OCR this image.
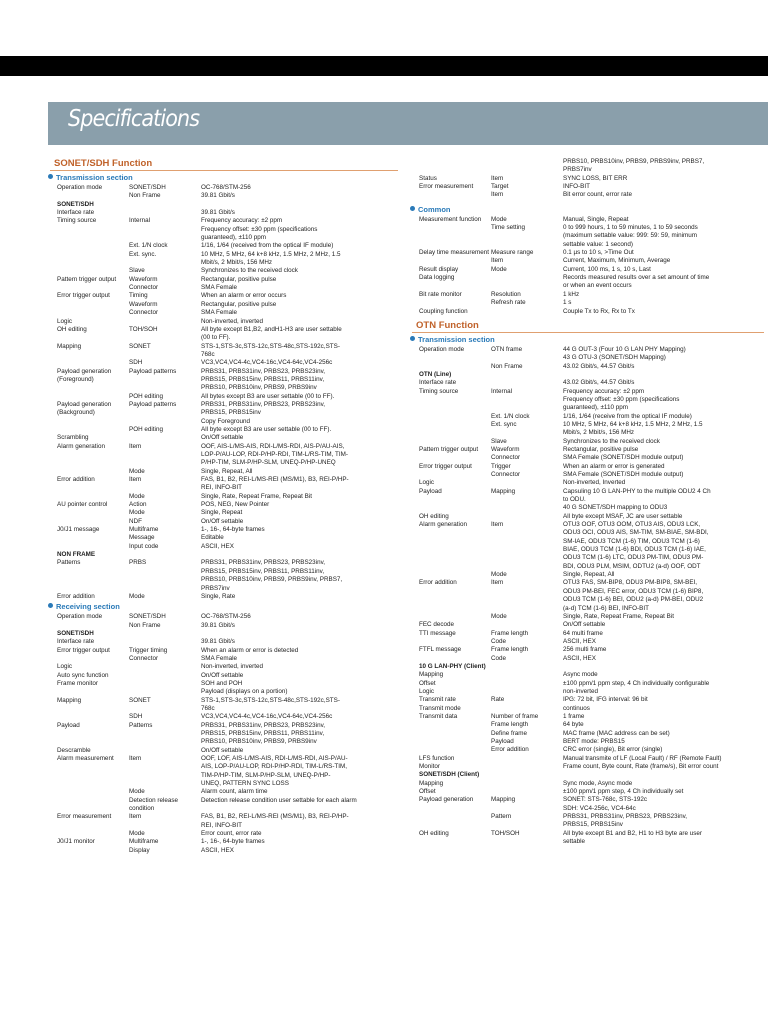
Specifications
SONET/SDH Function
Transmission section
Operation mode	SONET/SDH	OC-768/STM-256
Non Frame	39.81 Gbit/s
SONET/SDH
Interface rate	39.81 Gbit/s
Timing source	Internal	Frequency accuracy: ±2 ppm
Frequency offset: ±30 ppm (specifications
guaranteed), ±110 ppm
Ext. 1/N clock	1/16, 1/64 (received from the optical IF module)
Ext. sync.	10 MHz, 5 MHz, 64 k+8 kHz, 1.5 MHz, 2 MHz, 1.5
Mbit/s, 2 Mbit/s, 156 MHz
Slave	Synchronizes to the received clock
Pattern trigger output	Waveform	Rectangular, positive pulse
Connector	SMA Female
Error trigger output	Timing	When an alarm or error occurs
Waveform	Rectangular, positive pulse
Connector	SMA Female
Logic	Non-inverted, inverted
OH editing	TOH/SOH	All byte except B1,B2, andH1-H3 are user settable
(00 to FF).
Mapping	SONET	STS-1,STS-3c,STS-12c,STS-48c,STS-192c,STS-
768c
SDH	VC3,VC4,VC4-4c,VC4-16c,VC4-64c,VC4-256c
Payload generation	Payload patterns	PRBS31, PRBS31inv, PRBS23, PRBS23inv,
(Foreground)	PRBS15, PRBS15inv, PRBS11, PRBS11inv,
PRBS10, PRBS10inv, PRBS9, PRBS9inv
POH editing	All bytes except B3 are user settable (00 to FF).
Payload generation	Payload patterns	PRBS31, PRBS31inv, PRBS23, PRBS23inv,
(Background)	PRBS15, PRBS15inv
Copy Foreground
POH editing	All byte except B3 are user settable (00 to FF).
Scrambling	On/Off settable
Alarm generation	Item	OOF, AIS-L/MS-AIS, RDI-L/MS-RDI, AIS-P/AU-AIS,
LOP-P/AU-LOP, RDI-P/HP-RDI, TIM-L/RS-TIM, TIM-
P/HP-TIM, SLM-P/HP-SLM, UNEQ-P/HP-UNEQ
Mode	Single, Repeat, All
Error addition	Item	FAS, B1, B2, REI-L/MS-REI (MS/M1), B3, REI-P/HP-
REI, INFO-BIT
Mode	Single, Rate, Repeat Frame, Repeat Bit
AU pointer control	Action	POS, NEG, New Pointer
Mode	Single, Repeat
NDF	On/Off settable
J0/J1 message	Multiframe	1-, 16-, 64-byte frames
Message	Editable
Input code	ASCII, HEX
NON FRAME
Patterns	PRBS	PRBS31, PRBS31inv, PRBS23, PRBS23inv,
PRBS15, PRBS15inv, PRBS11, PRBS11inv,
PRBS10, PRBS10inv, PRBS9, PRBS9inv, PRBS7,
PRBS7inv
Error addition	Mode	Single, Rate
Receiving section
Operation mode	SONET/SDH	OC-768/STM-256
Non Frame	39.81 Gbit/s
SONET/SDH
Interface rate	39.81 Gbit/s
Error trigger output	Trigger timing	When an alarm or error is detected
Connector	SMA Female
Logic	Non-inverted, inverted
Auto sync function	On/Off settable
Frame monitor	SOH and POH
Payload (displays on a portion)
Mapping	SONET	STS-1,STS-3c,STS-12c,STS-48c,STS-192c,STS-
768c
SDH	VC3,VC4,VC4-4c,VC4-16c,VC4-64c,VC4-256c
Payload	Patterns	PRBS31, PRBS31inv, PRBS23, PRBS23inv,
PRBS15, PRBS15inv, PRBS11, PRBS11inv,
PRBS10, PRBS10inv, PRBS9, PRBS9inv
Descramble	On/Off settable
Alarm measurement	Item	OOF, LOF, AIS-L/MS-AIS, RDI-L/MS-RDI, AIS-P/AU-
AIS, LOP-P/AU-LOP, RDI-P/HP-RDI, TIM-L/RS-TIM,
TIM-P/HP-TIM, SLM-P/HP-SLM, UNEQ-P/HP-
UNEQ, PATTERN SYNC LOSS
Mode	Alarm count, alarm time
Detection release condition
Detection release condition user settable for each alarm
Error measurement	Item	FAS, B1, B2, REI-L/MS-REI (MS/M1), B3, REI-P/HP-
REI, INFO-BIT
Mode	Error count, error rate
J0/J1 monitor	Multiframe	1-, 16-, 64-byte frames
Display	ASCII, HEX
PRBS10, PRBS10inv, PRBS9, PRBS9inv, PRBS7,
PRBS7inv
Status	Item	SYNC LOSS, BIT ERR
Error measurement	Target	INFO-BIT
Item	Bit error count, error rate
Common
Measurement function	Mode	Manual, Single, Repeat
Time setting	0 to 999 hours, 1 to 59 minutes, 1 to 59 seconds
(maximum settable value: 999: 59: 59, minimum
settable value: 1 second)
Delay time measurement Measure range	0.1 µs to 10 s, >Time Out
Item	Current, Maximum, Minimum, Average
Result display	Mode	Current, 100 ms, 1 s, 10 s, Last
Data logging	Records measured results over a set amount of time
or when an event occurs
Bit rate monitor	Resolution	1 kHz
Refresh rate	1 s
Coupling function	Couple Tx to Rx, Rx to Tx
OTN Function
Transmission section
Operation mode	OTN frame	44 G OUT-3 (Four 10 G LAN PHY Mapping)
43 G OTU-3 (SONET/SDH Mapping)
Non Frame	43.02 Gbit/s, 44.57 Gbit/s
OTN (Line)
Interface rate	43.02 Gbit/s, 44.57 Gbit/s
Timing source	Internal	Frequency accuracy: ±2 ppm
Frequency offset: ±30 ppm (specifications
guaranteed), ±110 ppm
Ext. 1/N clock	1/16, 1/64 (receive from the optical IF module)
Ext. sync	10 MHz, 5 MHz, 64 k+8 kHz, 1.5 MHz, 2 MHz, 1.5
Mbit/s, 2 Mbit/s, 156 MHz
Slave	Synchronizes to the received clock
Pattern trigger output	Waveform	Rectangular, positive pulse
Connector	SMA Female (SONET/SDH module output)
Error trigger output	Trigger	When an alarm or error is generated
Connector	SMA Female (SONET/SDH module output)
Logic	Non-inverted, Inverted
Payload	Mapping	Capsuling 10 G LAN-PHY to the multiple ODU2 4 Ch
to ODU.
40 G SONET/SDH mapping to ODU3
OH editing	All byte except MSAF, JC are user settable
Alarm generation	Item	OTU3 OOF, OTU3 OOM, OTU3 AIS, ODU3 LCK,
ODU3 OCI, ODU3 AIS, SM-TIM, SM-BIAE, SM-BDI,
SM-IAE, ODU3 TCM (1-6) TIM, ODU3 TCM (1-6)
BIAE, ODU3 TCM (1-6) BDI, ODU3 TCM (1-6) IAE,
ODU3 TCM (1-6) LTC, ODU3 PM-TIM, ODU3 PM-
BDI, ODU3 PLM, MSIM, ODTU2 (a-d) OOF, ODT
Mode	Single, Repeat, All
Error addition	Item	OTU3 FAS, SM-BIP8, ODU3 PM-BIP8, SM-BEI,
ODU3 PM-BEI, FEC error, ODU3 TCM (1-6) BIP8,
ODU3 TCM (1-6) BEI, ODU2 (a-d) PM-BEI, ODU2
(a-d) TCM (1-6) BEI, INFO-BIT
Mode	Single, Rate, Repeat Frame, Repeat Bit
FEC decode	On/Off settable
TTI message	Frame length	64 multi frame
Code	ASCII, HEX
FTFL message	Frame length	256 multi frame
Code	ASCII, HEX
10 G LAN-PHY (Client)
Mapping	Async mode
Offset	±100 ppm/1 ppm step, 4 Ch individually configurable
Logic	non-inverted
Transmit rate	Rate	IPG: 72 bit, IFG interval: 96 bit
Transmit mode	continuos
Transmit data	Number of frame	1 frame
Frame length	64 byte
Define frame	MAC frame (MAC address can be set)
Payload	BERT mode: PRBS15
Error addition	CRC error (single), Bit error (single)
LFS function	Manual transmite of LF (Local Fault) / RF (Remote Fault)
Monitor	Frame count, Byte count, Rate (frame/s), Bit error count
SONET/SDH (Client)
Mapping	Sync mode, Async mode
Offset	±100 ppm/1 ppm step, 4 Ch individually set
Payload generation	Mapping	SONET: STS-768c, STS-192c
SDH: VC4-256c, VC4-64c
Pattern	PRBS31, PRBS31inv, PRBS23, PRBS23inv,
PRBS15, PRBS15inv
OH editing	TOH/SOH	All byte except B1 and B2, H1 to H3 byte are user
settable
